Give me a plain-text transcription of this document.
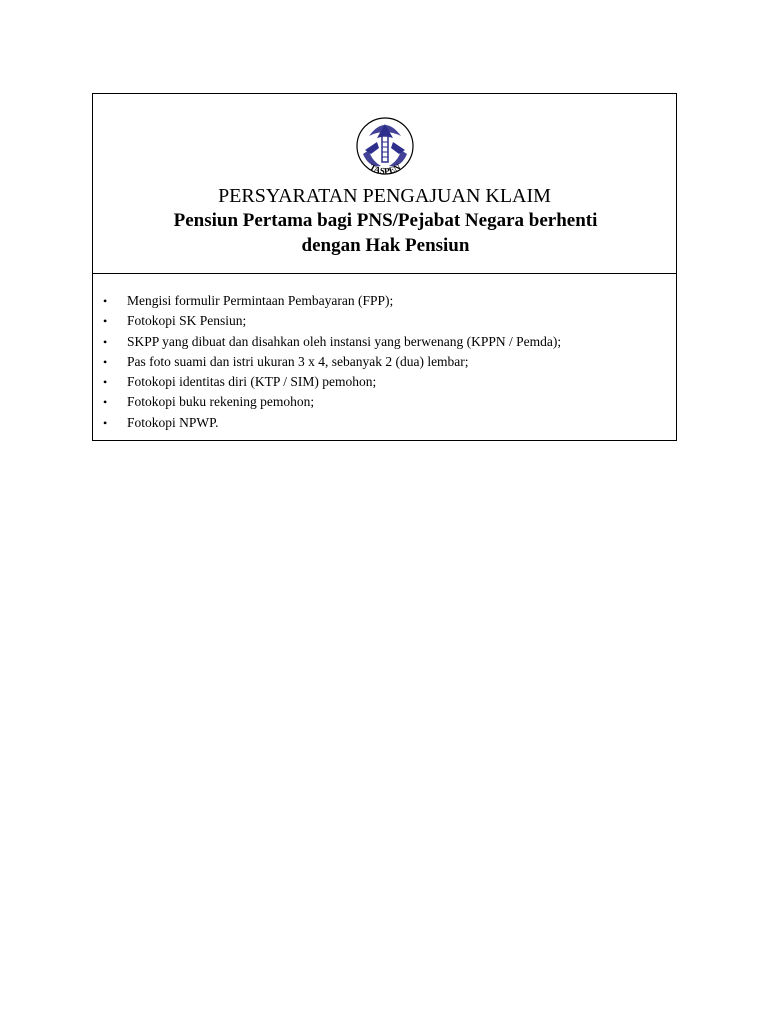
TASPEN
PERSYARATAN PENGAJUAN KLAIM
Pensiun Pertama bagi PNS/Pejabat Negara berhenti
dengan Hak Pensiun
• Mengisi formulir Permintaan Pembayaran (FPP);
• Fotokopi SK Pensiun;
• SKPP yang dibuat dan disahkan oleh instansi yang berwenang (KPPN / Pemda);
• Pas foto suami dan istri ukuran 3 x 4, sebanyak 2 (dua) lembar;
• Fotokopi identitas diri (KTP / SIM) pemohon;
• Fotokopi buku rekening pemohon;
• Fotokopi NPWP.
